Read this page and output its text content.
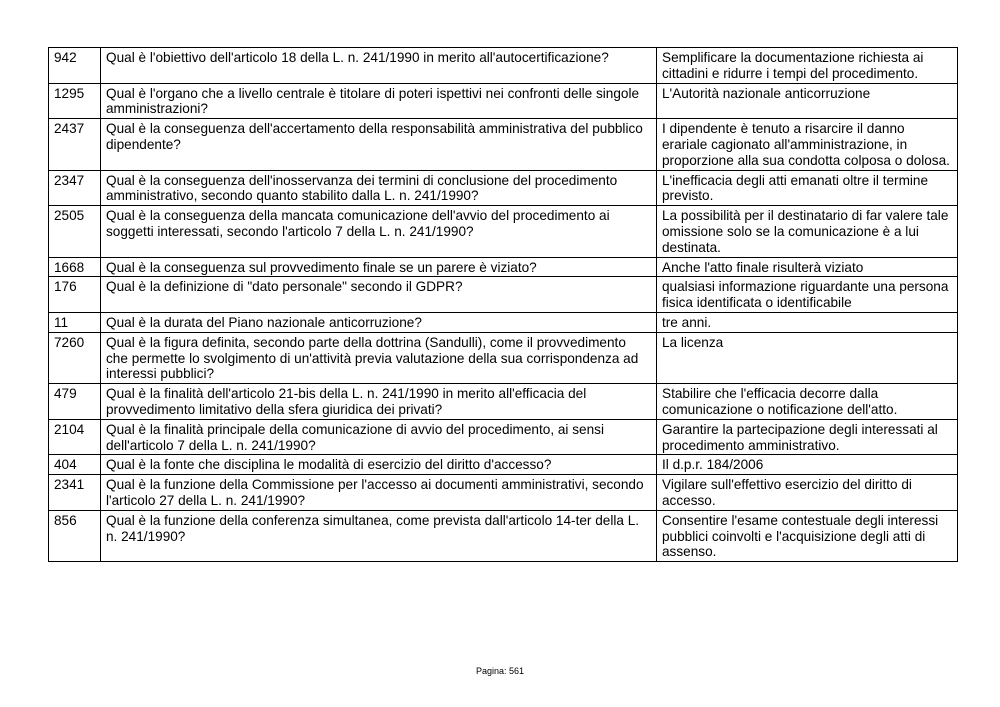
942	Qual è l'obiettivo dell'articolo 18 della L. n. 241/1990 in merito all'autocertificazione?	Semplificare la documentazione richiesta ai cittadini e ridurre i tempi del procedimento.
1295	Qual è l'organo che a livello centrale è titolare di poteri ispettivi nei confronti delle singole amministrazioni?	L'Autorità nazionale anticorruzione
2437	Qual è la conseguenza dell'accertamento della responsabilità amministrativa del pubblico dipendente?	I dipendente è tenuto a risarcire il danno erariale cagionato all'amministrazione, in proporzione alla sua condotta colposa o dolosa.
2347	Qual è la conseguenza dell'inosservanza dei termini di conclusione del procedimento amministrativo, secondo quanto stabilito dalla L. n. 241/1990?	L'inefficacia degli atti emanati oltre il termine previsto.
2505	Qual è la conseguenza della mancata comunicazione dell'avvio del procedimento ai soggetti interessati, secondo l'articolo 7 della L. n. 241/1990?	La possibilità per il destinatario di far valere tale omissione solo se la comunicazione è a lui destinata.
1668	Qual è la conseguenza sul provvedimento finale se un parere è viziato?	Anche l'atto finale risulterà viziato
176	Qual è la definizione di "dato personale" secondo il GDPR?	qualsiasi informazione riguardante una persona fisica identificata o identificabile
11	Qual è la durata del Piano nazionale anticorruzione?	tre anni.
7260	Qual è la figura definita, secondo parte della dottrina (Sandulli), come il provvedimento che permette lo svolgimento di un'attività previa valutazione della sua corrispondenza ad interessi pubblici?	La licenza
479	Qual è la finalità dell'articolo 21-bis della L. n. 241/1990 in merito all'efficacia del provvedimento limitativo della sfera giuridica dei privati?	Stabilire che l'efficacia decorre dalla comunicazione o notificazione dell'atto.
2104	Qual è la finalità principale della comunicazione di avvio del procedimento, ai sensi dell'articolo 7 della L. n. 241/1990?	Garantire la partecipazione degli interessati al procedimento amministrativo.
404	Qual è la fonte che disciplina le modalità di esercizio del diritto d'accesso?	Il d.p.r. 184/2006
2341	Qual è la funzione della Commissione per l'accesso ai documenti amministrativi, secondo l'articolo 27 della L. n. 241/1990?	Vigilare sull'effettivo esercizio del diritto di accesso.
856	Qual è la funzione della conferenza simultanea, come prevista dall'articolo 14-ter della L. n. 241/1990?	Consentire l'esame contestuale degli interessi pubblici coinvolti e l'acquisizione degli atti di assenso.
Pagina: 561
